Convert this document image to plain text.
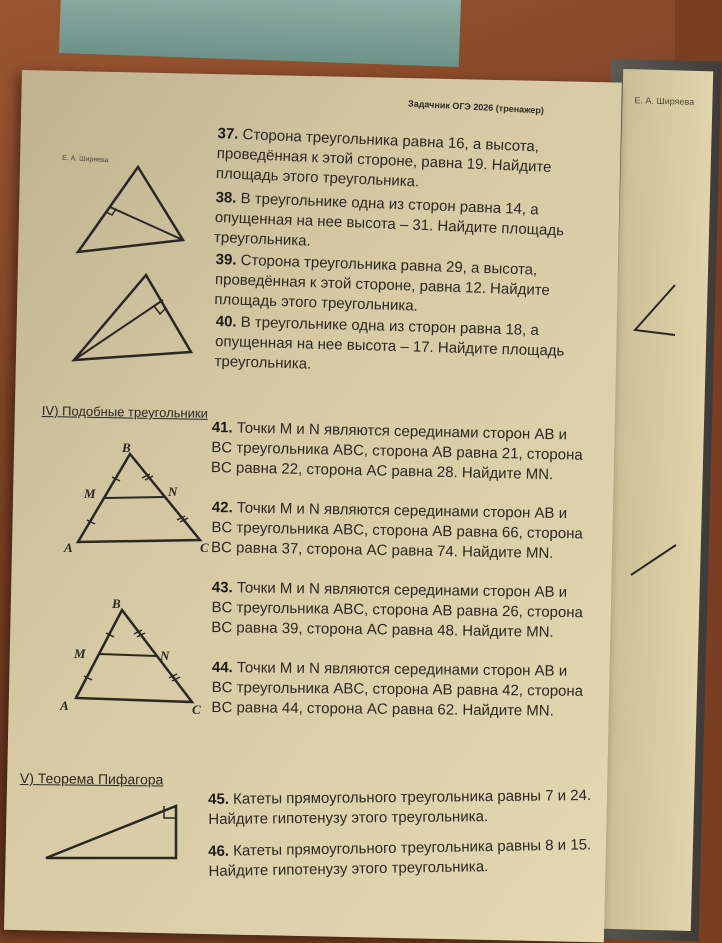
Е. А. Ширяева
Задачник ОГЭ 2026 (тренажер)
Е. А. Ширяева
37. Сторона треугольника равна 16, а высота, проведённая к этой стороне, равна 19. Найдите площадь этого треугольника.
38. В треугольнике одна из сторон равна 14, а опущенная на нее высота – 31. Найдите площадь треугольника.
39. Сторона треугольника равна 29, а высота, проведённая к этой стороне, равна 12. Найдите площадь этого треугольника.
40. В треугольнике одна из сторон равна 18, а опущенная на нее высота – 17. Найдите площадь треугольника.
IV) Подобные треугольники
41. Точки M и N являются серединами сторон AB и BC треугольника ABC, сторона AB равна 21, сторона BC равна 22, сторона AC равна 28. Найдите MN.
42. Точки M и N являются серединами сторон AB и BC треугольника ABC, сторона AB равна 66, сторона BC равна 37, сторона AC равна 74. Найдите MN.
43. Точки M и N являются серединами сторон AB и BC треугольника ABC, сторона AB равна 26, сторона BC равна 39, сторона AC равна 48. Найдите MN.
44. Точки M и N являются серединами сторон AB и BC треугольника ABC, сторона AB равна 42, сторона BC равна 44, сторона AC равна 62. Найдите MN.
B
M	N
A	C
B
M	N
A	C
V) Теорема Пифагора
45. Катеты прямоугольного треугольника равны 7 и 24. Найдите гипотенузу этого треугольника.
46. Катеты прямоугольного треугольника равны 8 и 15. Найдите гипотенузу этого треугольника.
